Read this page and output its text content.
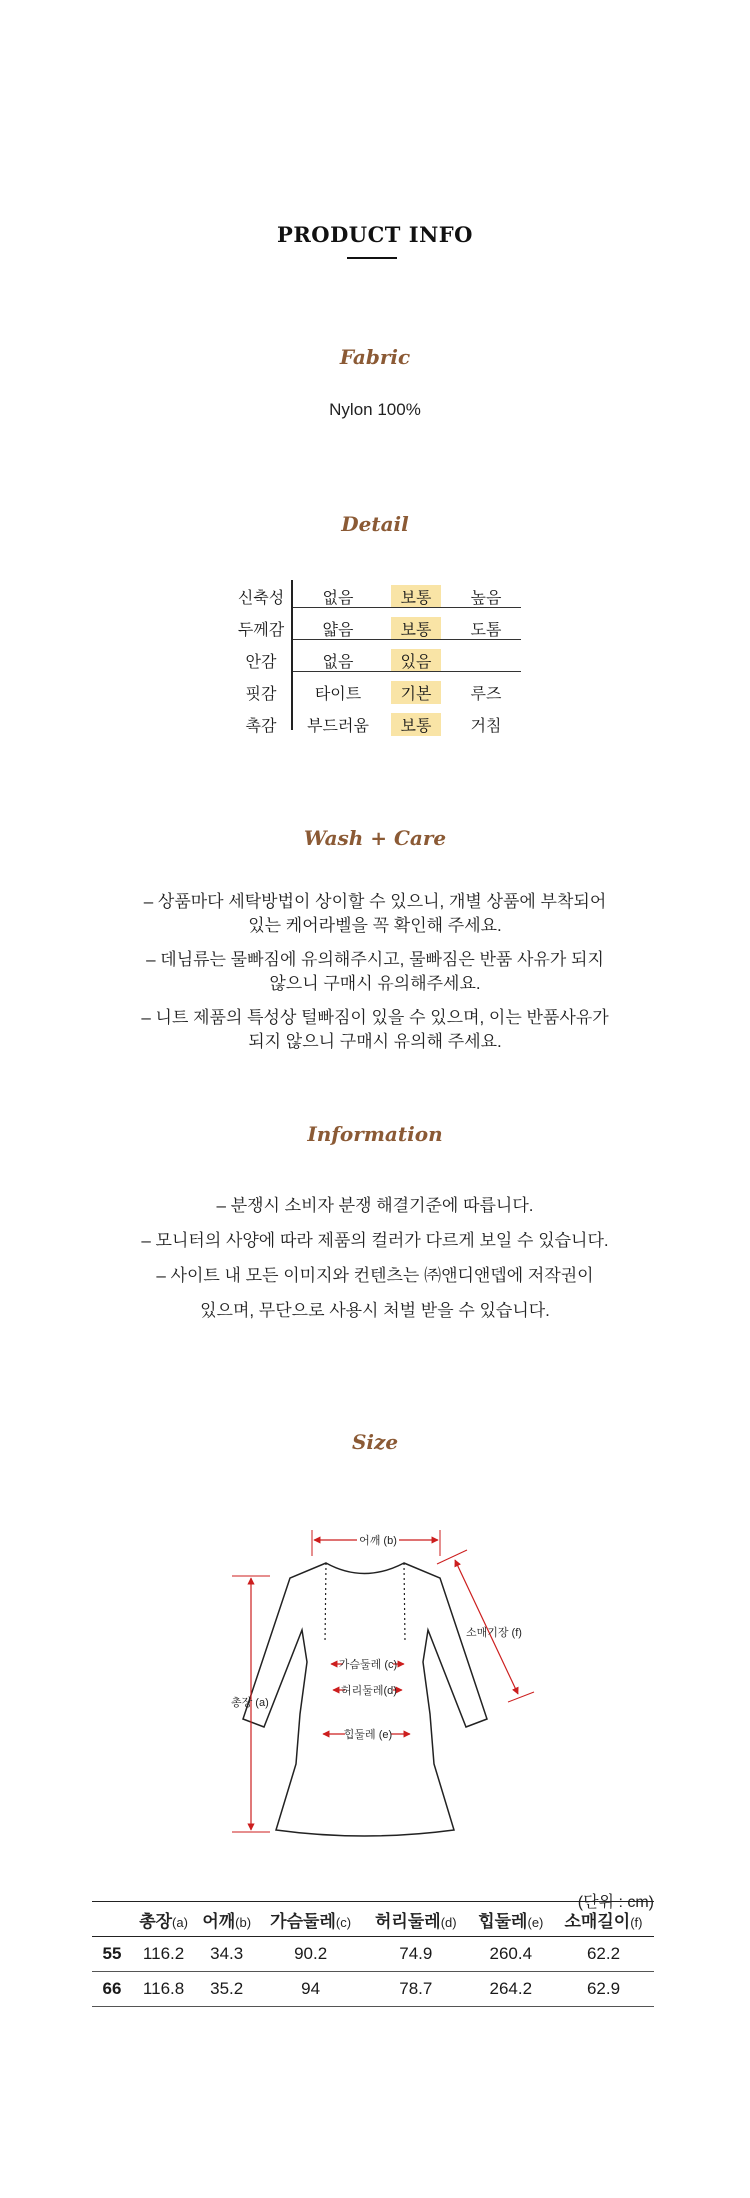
PRODUCT INFO
Fabric
Nylon 100%
Detail
신축성	없음	보통	높음
두께감	얇음	보통	도톰
안감	없음	있음
핏감	타이트	기본	루즈
촉감	부드러움	보통	거침
Wash + Care
– 상품마다 세탁방법이 상이할 수 있으니, 개별 상품에 부착되어
있는 케어라벨을 꼭 확인해 주세요.
– 데님류는 물빠짐에 유의해주시고, 물빠짐은 반품 사유가 되지
않으니 구매시 유의해주세요.
– 니트 제품의 특성상 털빠짐이 있을 수 있으며, 이는 반품사유가
되지 않으니 구매시 유의해 주세요.
Information
– 분쟁시 소비자 분쟁 해결기준에 따릅니다.
– 모니터의 사양에 따라 제품의 컬러가 다르게 보일 수 있습니다.
– 사이트 내 모든 이미지와 컨텐츠는 ㈜앤디앤뎁에 저작권이
있으며, 무단으로 사용시 처벌 받을 수 있습니다.
Size
어깨 (b)
소매기장 (f)
가슴둘레 (c)
허리둘레(d)
힙둘레 (e)
총장 (a)
(단위 : cm)
	총장(a)	어깨(b)	가슴둘레(c)	허리둘레(d)	힙둘레(e)	소매길이(f)
55	116.2	34.3	90.2	74.9	260.4	62.2
66	116.8	35.2	94	78.7	264.2	62.9
